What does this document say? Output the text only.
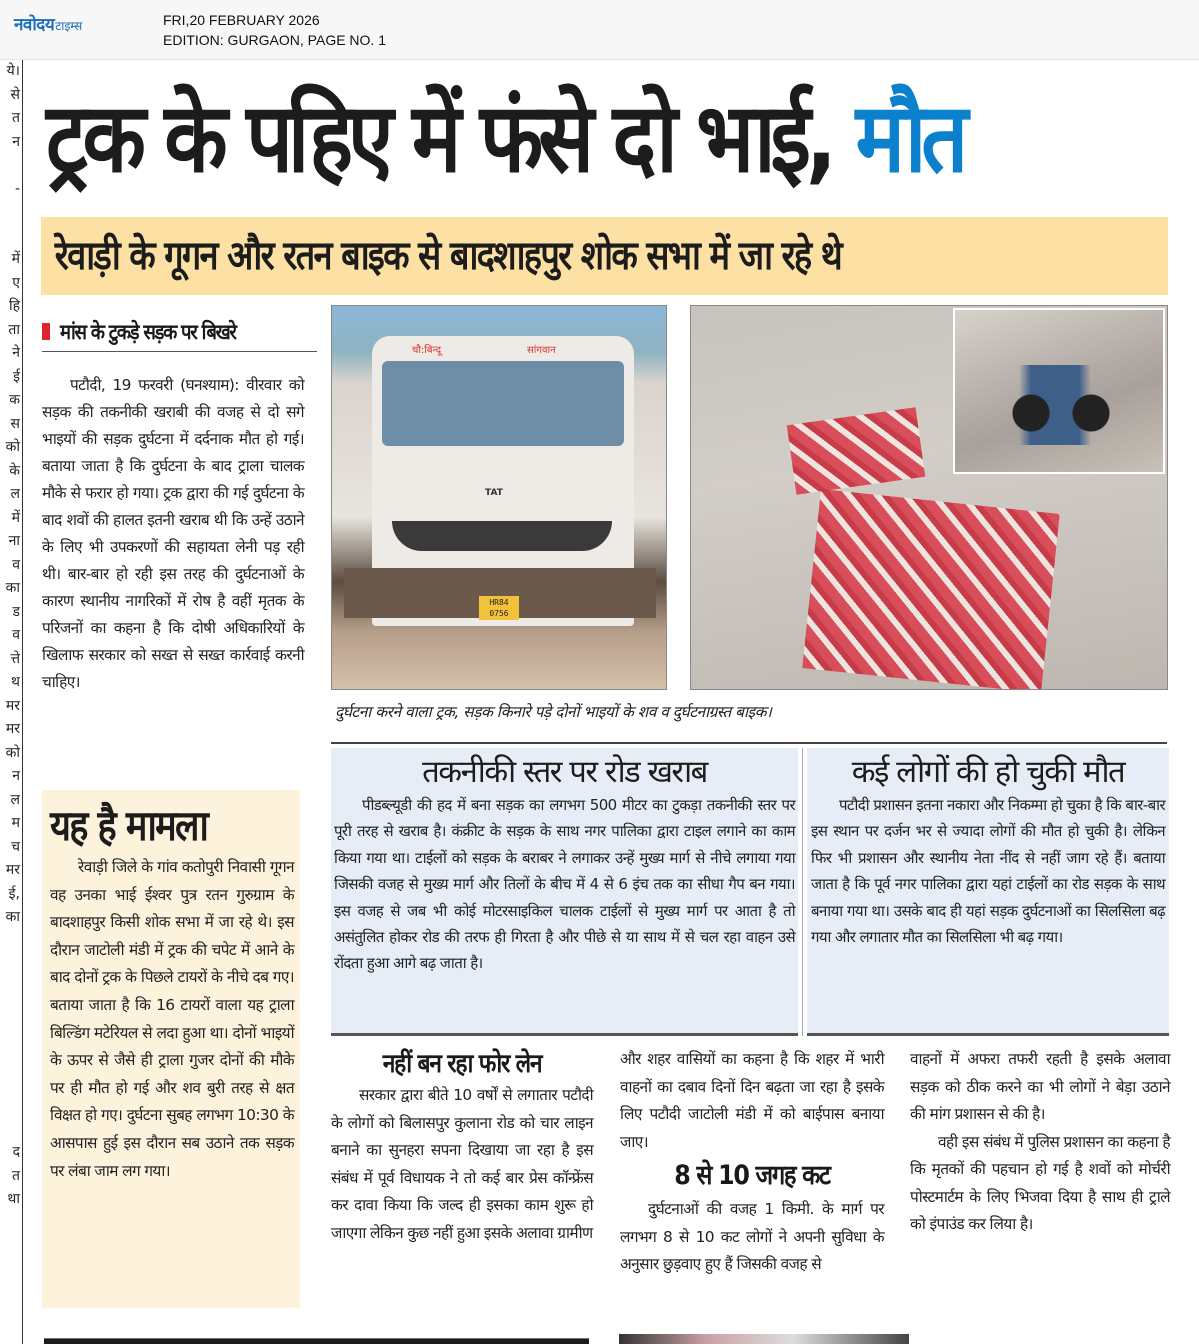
नवोदय टाइम्स	FRI,20 FEBRUARY 2026
EDITION: GURGAON, PAGE NO. 1
ये।
से
त
न

-

में
ए
हि
ता
ने
ई
क
स
को
के
ल
में
ना
व
का
ड
व
त्ते
थ
मर
मर
को
न
ल
म
च
मर
ई,
का

द
त
था
ट्रक के पहिए में फंसे दो भाई, मौत
रेवाड़ी के गूगन और रतन बाइक से बादशाहपुर शोक सभा में जा रहे थे
मांस के टुकड़े सड़क पर बिखरे
पटौदी, 19 फरवरी (घनश्याम): वीरवार को सड़क की तकनीकी खराबी की वजह से दो सगे भाइयों की सड़क दुर्घटना में दर्दनाक मौत हो गई। बताया जाता है कि दुर्घटना के बाद ट्राला चालक मौके से फरार हो गया। ट्रक द्वारा की गई दुर्घटना के बाद शवों की हालत इतनी खराब थी कि उन्हें उठाने के लिए भी उपकरणों की सहायता लेनी पड़ रही थी। बार-बार हो रही इस तरह की दुर्घटनाओं के कारण स्थानीय नागरिकों में रोष है वहीं मृतक के परिजनों का कहना है कि दोषी अधिकारियों के खिलाफ सरकार को सख्त से सख्त कार्रवाई करनी चाहिए।
यह है मामला
रेवाड़ी जिले के गांव कतोपुरी निवासी गूगन वह उनका भाई ईश्वर पुत्र रतन गुरुग्राम के बादशाहपुर किसी शोक सभा में जा रहे थे। इस दौरान जाटोली मंडी में ट्रक की चपेट में आने के बाद दोनों ट्रक के पिछले टायरों के नीचे दब गए। बताया जाता है कि 16 टायरों वाला यह ट्राला बिल्डिंग मटेरियल से लदा हुआ था। दोनों भाइयों के ऊपर से जैसे ही ट्राला गुजर दोनों की मौके पर ही मौत हो गई और शव बुरी तरह से क्षत विक्षत हो गए। दुर्घटना सुबह लगभग 10:30 के आसपास हुई इस दौरान सब उठाने तक सड़क पर लंबा जाम लग गया।
चौ:बिन्दू	सांगवान
TAT
HR84
0756
दुर्घटना करने वाला ट्रक, सड़क किनारे पड़े दोनों भाइयों के शव व दुर्घटनाग्रस्त बाइक।
तकनीकी स्तर पर रोड खराब
पीडब्ल्यूडी की हद में बना सड़क का लगभग 500 मीटर का टुकड़ा तकनीकी स्तर पर पूरी तरह से खराब है। कंक्रीट के सड़क के साथ नगर पालिका द्वारा टाइल लगाने का काम किया गया था। टाईलों को सड़क के बराबर ने लगाकर उन्हें मुख्य मार्ग से नीचे लगाया गया जिसकी वजह से मुख्य मार्ग और तिलों के बीच में 4 से 6 इंच तक का सीधा गैप बन गया। इस वजह से जब भी कोई मोटरसाइकिल चालक टाईलों से मुख्य मार्ग पर आता है तो असंतुलित होकर रोड की तरफ ही गिरता है और पीछे से या साथ में से चल रहा वाहन उसे रोंदता हुआ आगे बढ़ जाता है।
कई लोगों की हो चुकी मौत
पटौदी प्रशासन इतना नकारा और निकम्मा हो चुका है कि बार-बार इस स्थान पर दर्जन भर से ज्यादा लोगों की मौत हो चुकी है। लेकिन फिर भी प्रशासन और स्थानीय नेता नींद से नहीं जाग रहे हैं। बताया जाता है कि पूर्व नगर पालिका द्वारा यहां टाईलों का रोड सड़क के साथ बनाया गया था। उसके बाद ही यहां सड़क दुर्घटनाओं का सिलसिला बढ़ गया और लगातार मौत का सिलसिला भी बढ़ गया।
नहीं बन रहा फोर लेन
सरकार द्वारा बीते 10 वर्षों से लगातार पटौदी के लोगों को बिलासपुर कुलाना रोड को चार लाइन बनाने का सुनहरा सपना दिखाया जा रहा है इस संबंध में पूर्व विधायक ने तो कई बार प्रेस कॉन्फ्रेंस कर दावा किया कि जल्द ही इसका काम शुरू हो जाएगा लेकिन कुछ नहीं हुआ इसके अलावा ग्रामीण
और शहर वासियों का कहना है कि शहर में भारी वाहनों का दबाव दिनों दिन बढ़ता जा रहा है इसके लिए पटौदी जाटोली मंडी में को बाईपास बनाया जाए।
8 से 10 जगह कट
दुर्घटनाओं की वजह 1 किमी. के मार्ग पर लगभग 8 से 10 कट लोगों ने अपनी सुविधा के अनुसार छुड़वाए हुए हैं जिसकी वजह से
वाहनों में अफरा तफरी रहती है इसके अलावा सड़क को ठीक करने का भी लोगों ने बेड़ा उठाने की मांग प्रशासन से की है।
वही इस संबंध में पुलिस प्रशासन का कहना है कि मृतकों की पहचान हो गई है शवों को मोर्चरी पोस्टमार्टम के लिए भिजवा दिया है साथ ही ट्राले को इंपाउंड कर लिया है।
